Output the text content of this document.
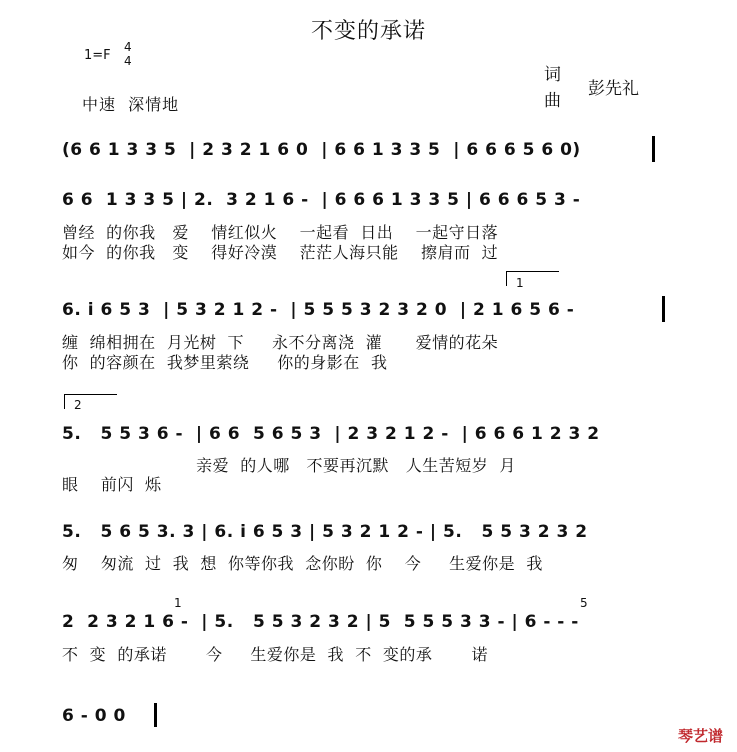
不变的承诺
1=F
4
4
中速  深情地
词
曲
彭先礼
(6 6 1 3 3 5  | 2 3 2 1 6 0  | 6 6 1 3 3 5  | 6 6 6 5 6 0)
6 6  1 3 3 5 | 2.  3 2 1 6 -  | 6 6 6 1 3 3 5 | 6 6 6 5 3 -
曾经  的你我   爱    情红似火    一起看  日出    一起守日落
如今  的你我   变    得好冷漠    茫茫人海只能    擦肩而  过
1
6. i 6 5 3  | 5 3 2 1 2 -  | 5 5 5 3 2 3 2 0  | 2 1 6 5 6 -
缠  绵相拥在  月光树  下     永不分离浇  灌      爱情的花朵
你  的容颜在  我梦里萦绕     你的身影在  我
2
5.   5 5 3 6 -  | 6 6  5 6 5 3  | 2 3 2 1 2 -  | 6 6 6 1 2 3 2
亲爱  的人哪   不要再沉默   人生苦短岁  月
眼    前闪  烁
5.   5 6 5 3. 3 | 6. i 6 5 3 | 5 3 2 1 2 - | 5.   5 5 3 2 3 2
匆    匆流  过  我  想  你等你我  念你盼  你    今     生爱你是  我
1	5
2  2 3 2 1 6 -  | 5.   5 5 3 2 3 2 | 5  5 5 5 3 3 - | 6 - - -
不  变  的承诺       今     生爱你是  我  不  变的承       诺
6 - 0 0
琴艺谱
